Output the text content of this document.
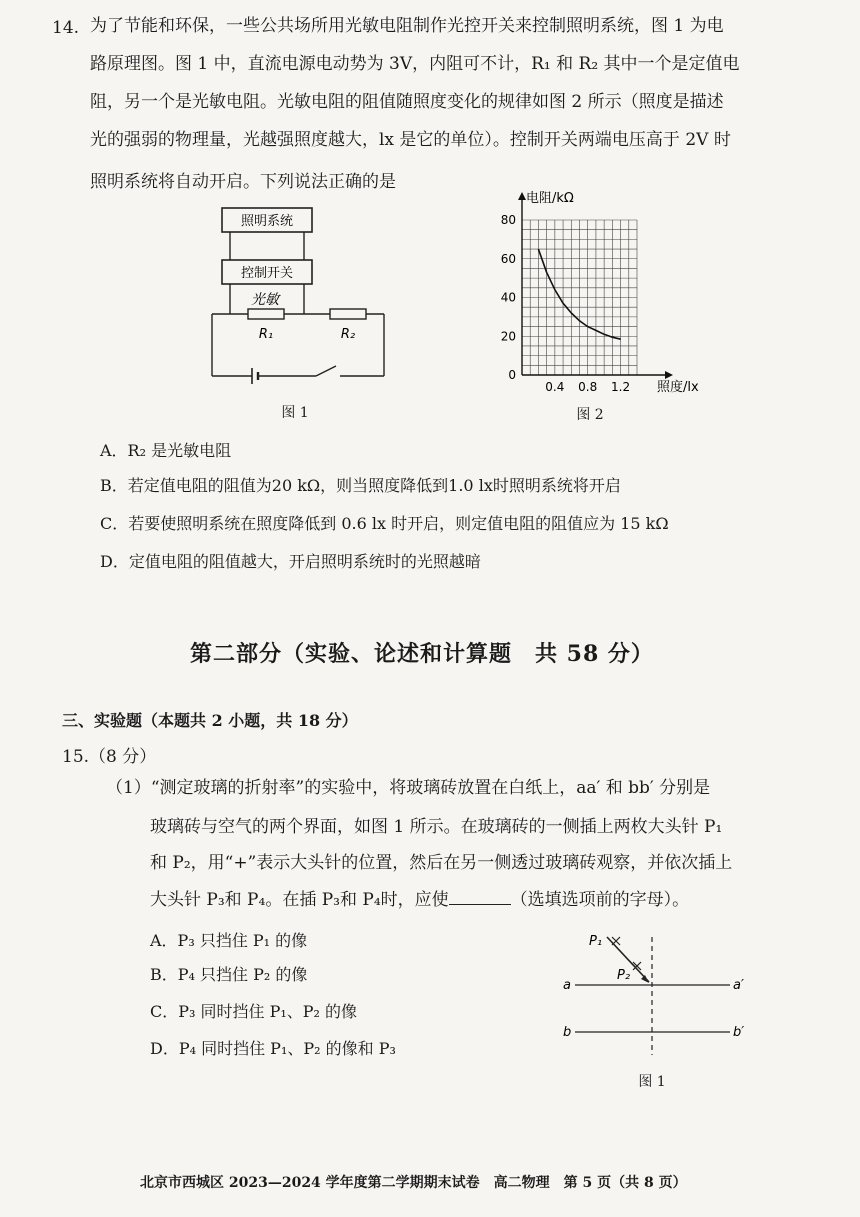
14. 为了节能和环保，一些公共场所用光敏电阻制作光控开关来控制照明系统，图 1 为电
路原理图。图 1 中，直流电源电动势为 3V，内阻可不计，R₁ 和 R₂ 其中一个是定值电
阻，另一个是光敏电阻。光敏电阻的阻值随照度变化的规律如图 2 所示（照度是描述
光的强弱的物理量，光越强照度越大，lx 是它的单位）。控制开关两端电压高于 2V 时
照明系统将自动开启。下列说法正确的是
照明系统
控制开关
光敏
R₁	R₂
图 1
0
20
40
60
80
0.4 0.8 1.2
电阻/kΩ
照度/lx
图 2
A．R₂ 是光敏电阻
B．若定值电阻的阻值为20 kΩ，则当照度降低到1.0 lx时照明系统将开启
C．若要使照明系统在照度降低到 0.6 lx 时开启，则定值电阻的阻值应为 15 kΩ
D．定值电阻的阻值越大，开启照明系统时的光照越暗
第二部分（实验、论述和计算题　共 58 分）
三、实验题（本题共 2 小题，共 18 分）
15.（8 分）
（1）“测定玻璃的折射率”的实验中，将玻璃砖放置在白纸上，aa′ 和 bb′ 分别是
玻璃砖与空气的两个界面，如图 1 所示。在玻璃砖的一侧插上两枚大头针 P₁
和 P₂，用“+”表示大头针的位置，然后在另一侧透过玻璃砖观察，并依次插上
大头针 P₃和 P₄。在插 P₃和 P₄时，应使	（选填选项前的字母）。
A．P₃ 只挡住 P₁ 的像
B．P₄ 只挡住 P₂ 的像
C．P₃ 同时挡住 P₁、P₂ 的像
D．P₄ 同时挡住 P₁、P₂ 的像和 P₃
P₁
P₂
a	a′
b	b′
图 1
北京市西城区 2023—2024 学年度第二学期期末试卷　高二物理　第 5 页（共 8 页）
